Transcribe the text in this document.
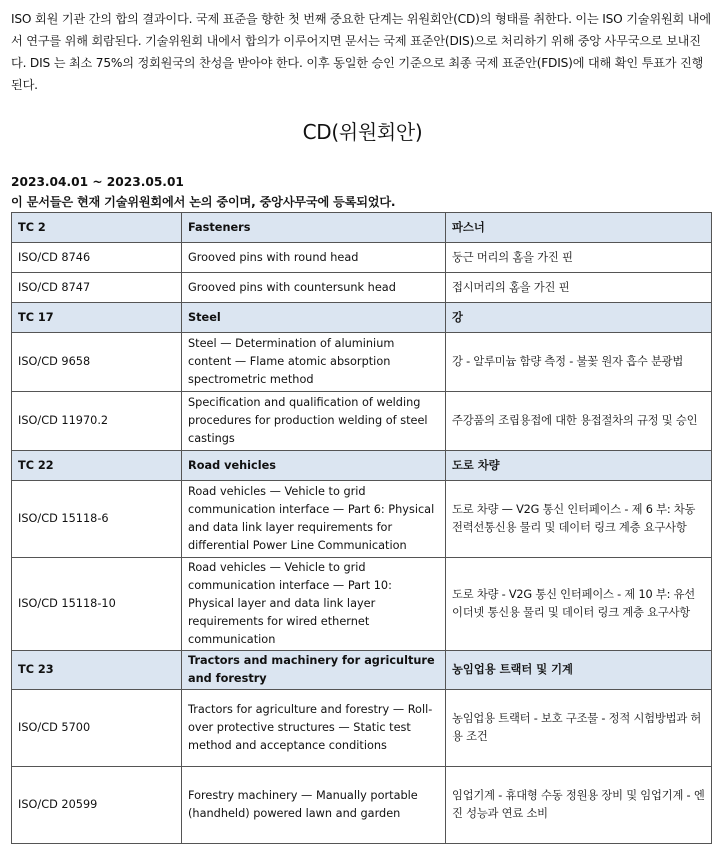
ISO 회원 기관 간의 합의 결과이다. 국제 표준을 향한 첫 번째 중요한 단계는 위원회안(CD)의 형태를 취한다. 이는 ISO 기술위원회 내에서 연구를 위해 회람된다. 기술위원회 내에서 합의가 이루어지면 문서는 국제 표준안(DIS)으로 처리하기 위해 중앙 사무국으로 보내진다. DIS 는 최소 75%의 정회원국의 찬성을 받아야 한다. 이후 동일한 승인 기준으로 최종 국제 표준안(FDIS)에 대해 확인 투표가 진행된다.

CD(위원회안)

2023.04.01 ~ 2023.05.01

이 문서들은 현재 기술위원회에서 논의 중이며, 중앙사무국에 등록되었다.

TC 2	Fasteners	파스너
ISO/CD 8746	Grooved pins with round head	둥근 머리의 홈을 가진 핀
ISO/CD 8747	Grooved pins with countersunk head	접시머리의 홈을 가진 핀
TC 17	Steel	강
ISO/CD 9658	Steel — Determination of aluminium content — Flame atomic absorption spectrometric method	강 - 알루미늄 함량 측정 - 불꽃 원자 흡수 분광법
ISO/CD 11970.2	Specification and qualification of welding procedures for production welding of steel castings	주강품의 조립용접에 대한 용접절차의 규정 및 승인
TC 22	Road vehicles	도로 차량
ISO/CD 15118-6	Road vehicles — Vehicle to grid communication interface — Part 6: Physical and data link layer requirements for differential Power Line Communication	도로 차량 — V2G 통신 인터페이스 - 제 6 부: 차동 전력선통신용 물리 및 데이터 링크 계층 요구사항
ISO/CD 15118-10	Road vehicles — Vehicle to grid communication interface — Part 10: Physical layer and data link layer requirements for wired ethernet communication	도로 차량 - V2G 통신 인터페이스 - 제 10 부: 유선 이더넷 통신용 물리 및 데이터 링크 계층 요구사항
TC 23	Tractors and machinery for agriculture and forestry	농임업용 트랙터 및 기계
ISO/CD 5700	Tractors for agriculture and forestry — Roll-over protective structures — Static test method and acceptance conditions	농임업용 트랙터 - 보호 구조물 - 정적 시험방법과 허용 조건
ISO/CD 20599	Forestry machinery — Manually portable (handheld) powered lawn and garden	임업기계 - 휴대형 수동 정원용 장비 및 임업기계 - 엔진 성능과 연료 소비
